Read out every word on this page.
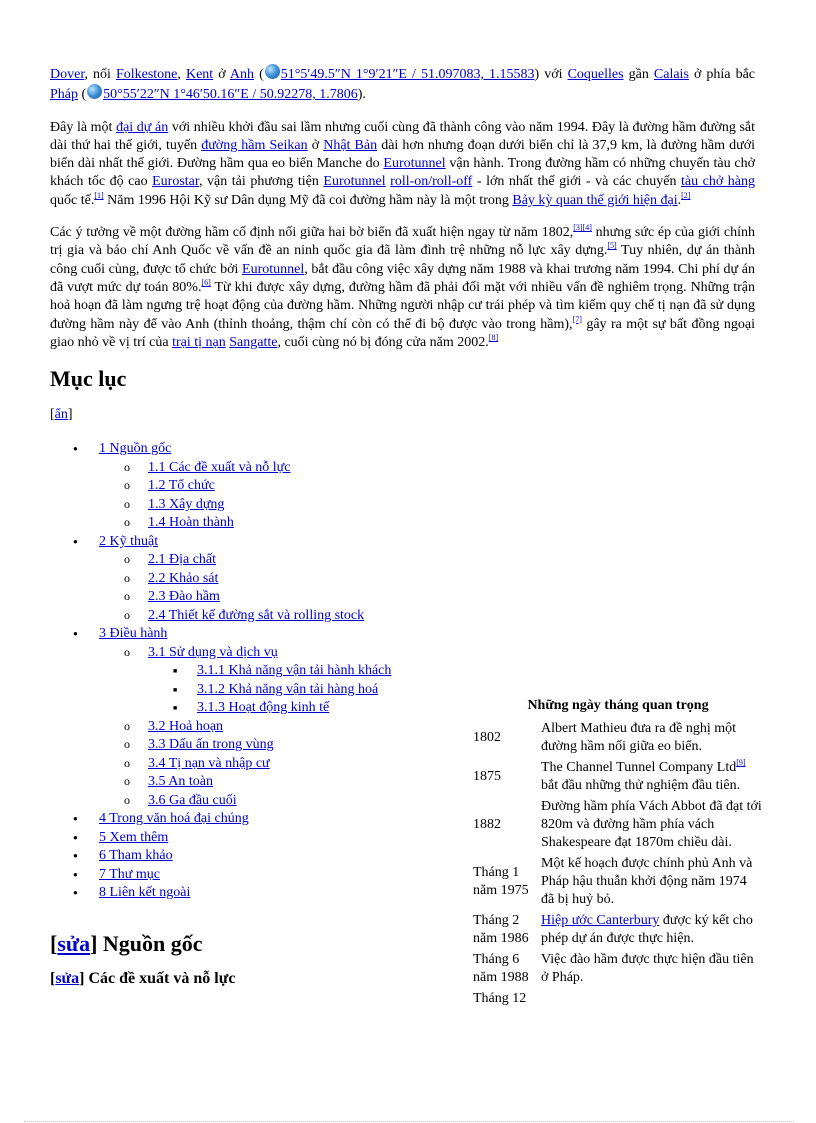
Dover, nối Folkestone, Kent ở Anh ( 51°5′49.5″N 1°9′21″E / 51.097083, 1.15583) với Coquelles gần Calais ở phía bắc Pháp ( 50°55′22″N 1°46′50.16″E / 50.92278, 1.7806).

Đây là một đại dự án với nhiều khởi đầu sai lầm nhưng cuối cùng đã thành công vào năm 1994. Đây là đường hầm đường sắt dài thứ hai thế giới, tuyến đường hầm Seikan ở Nhật Bản dài hơn nhưng đoạn dưới biển chỉ là 37,9 km, là đường hầm dưới biển dài nhất thế giới. Đường hầm qua eo biển Manche do Eurotunnel vận hành. Trong đường hầm có những chuyến tàu chở khách tốc độ cao Eurostar, vận tải phương tiện Eurotunnel roll-on/roll-off - lớn nhất thế giới - và các chuyến tàu chở hàng quốc tế.[1] Năm 1996 Hội Kỹ sư Dân dụng Mỹ đã coi đường hầm này là một trong Bảy kỳ quan thế giới hiện đại.[2]

Các ý tưởng về một đường hầm cố định nối giữa hai bờ biển đã xuất hiện ngay từ năm 1802,[3][4] nhưng sức ép của giới chính trị gia và báo chí Anh Quốc về vấn đề an ninh quốc gia đã làm đình trệ những nỗ lực xây dựng.[5] Tuy nhiên, dự án thành công cuối cùng, được tổ chức bởi Eurotunnel, bắt đầu công việc xây dựng năm 1988 và khai trương năm 1994. Chi phí dự án đã vượt mức dự toán 80%.[6] Từ khi được xây dựng, đường hầm đã phải đối mặt với nhiều vấn đề nghiêm trọng. Những trận hoả hoạn đã làm ngưng trệ hoạt động của đường hầm. Những người nhập cư trái phép và tìm kiếm quy chế tị nạn đã sử dụng đường hầm này để vào Anh (thỉnh thoảng, thậm chí còn có thể đi bộ được vào trong hầm),[7] gây ra một sự bất đồng ngoại giao nhỏ về vị trí của trại tị nạn Sangatte, cuối cùng nó bị đóng cửa năm 2002.[8]

Mục lục
[ẩn]
● 1 Nguồn gốc
o 1.1 Các đề xuất và nỗ lực
o 1.2 Tổ chức
o 1.3 Xây dựng
o 1.4 Hoàn thành
● 2 Kỹ thuật
o 2.1 Địa chất
o 2.2 Khảo sát
o 2.3 Đào hầm
o 2.4 Thiết kế đường sắt và rolling stock
● 3 Điều hành
o 3.1 Sử dụng và dịch vụ
■ 3.1.1 Khả năng vận tải hành khách
■ 3.1.2 Khả năng vận tải hàng hoá
■ 3.1.3 Hoạt động kinh tế
o 3.2 Hoả hoạn
o 3.3 Dấu ấn trong vùng
o 3.4 Tị nạn và nhập cư
o 3.5 An toàn
o 3.6 Ga đầu cuối
● 4 Trong văn hoá đại chúng
● 5 Xem thêm
● 6 Tham khảo
● 7 Thư mục
● 8 Liên kết ngoài
[sửa] Nguồn gốc
[sửa] Các đề xuất và nỗ lực
Những ngày tháng quan trọng
1802	Albert Mathieu đưa ra đề nghị một đường hầm nối giữa eo biển.
1875	The Channel Tunnel Company Ltd[9] bắt đầu những thử nghiệm đầu tiên.
1882	Đường hầm phía Vách Abbot đã đạt tới 820m và đường hầm phía vách Shakespeare đạt 1870m chiều dài.
Tháng 1 năm 1975	Một kế hoạch được chính phủ Anh và Pháp hậu thuẫn khởi động năm 1974 đã bị huỷ bỏ.
Tháng 2 năm 1986	Hiệp ước Canterbury được ký kết cho phép dự án được thực hiện.
Tháng 6 năm 1988	Việc đào hầm được thực hiện đầu tiên ở Pháp.
Tháng 12	
